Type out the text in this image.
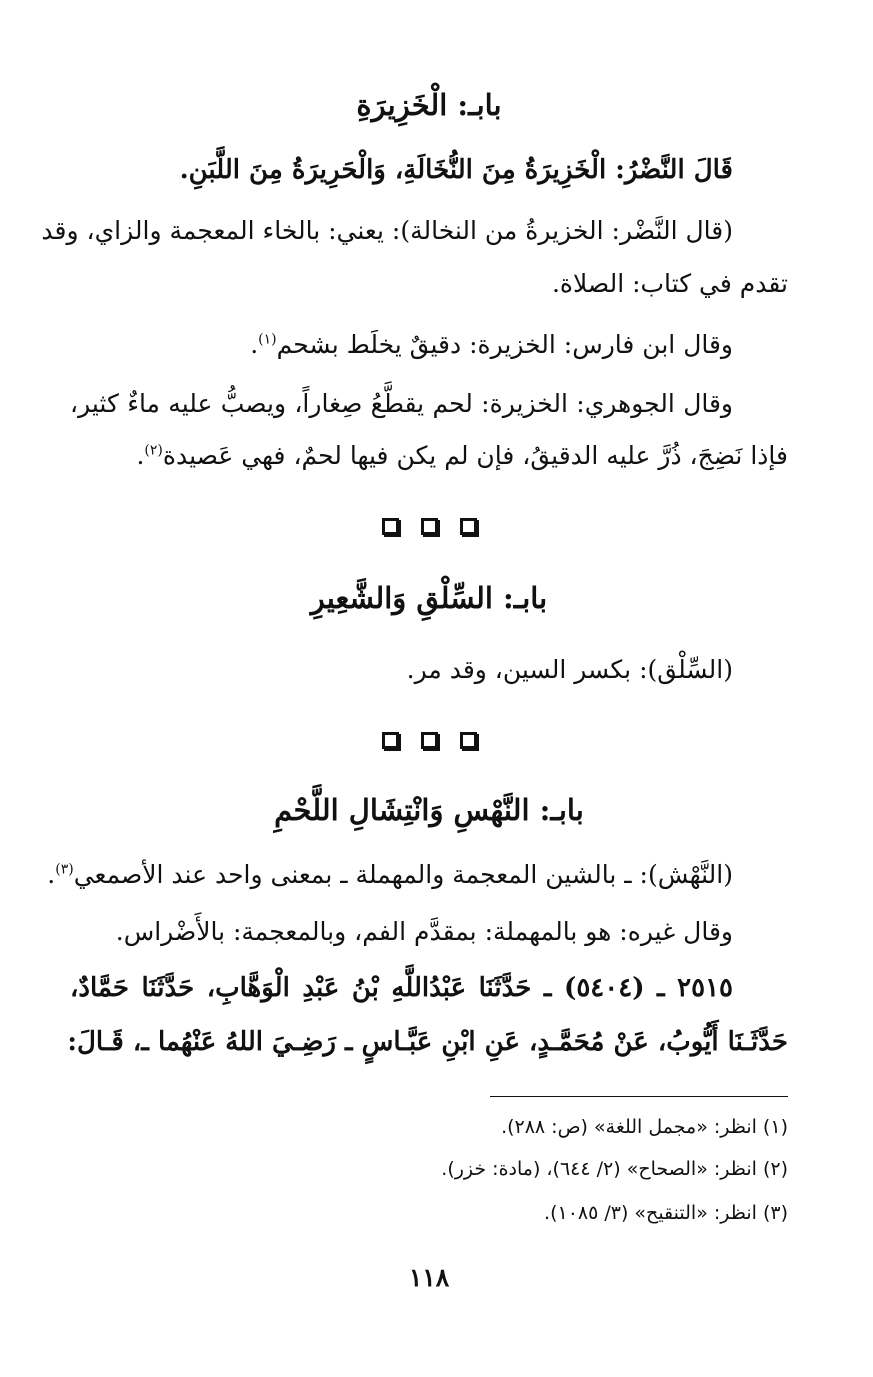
بابـ: الْخَزِيرَةِ
قَالَ النَّضْرُ: الْخَزِيرَةُ مِنَ النُّخَالَةِ، وَالْحَرِيرَةُ مِنَ اللَّبَنِ.
(قال النَّضْر: الخزيرةُ من النخالة): يعني: بالخاء المعجمة والزاي، وقد
تقدم في كتاب: الصلاة.
وقال ابن فارس: الخزيرة: دقيقٌ يخلَط بشحم$^{(١)}$.
وقال الجوهري: الخزيرة: لحم يقطَّعُ صِغاراً، ويصبُّ عليه ماءٌ كثير،
فإذا نَضِجَ، ذُرَّ عليه الدقيقُ، فإن لم يكن فيها لحمٌ، فهي عَصيدة$^{(٢)}$.
بابـ: السِّلْقِ وَالشَّعِيرِ
(السِّلْق): بكسر السين، وقد مر.
بابـ: النَّهْسِ وَانْتِشَالِ اللَّحْمِ
(النَّهْش): ـ بالشين المعجمة والمهملة ـ بمعنى واحد عند الأصمعي$^{(٣)}$.
وقال غيره: هو بالمهملة: بمقدَّم الفم، وبالمعجمة: بالأَضْراس.
٢٥١٥ ـ (٥٤٠٤) ـ حَدَّثَنَا عَبْدُاللَّهِ بْنُ عَبْدِ الْوَهَّابِ، حَدَّثَنَا حَمَّادٌ،
حَدَّثَـنَا أَيُّوبُ، عَنْ مُحَمَّـدٍ، عَنِ ابْنِ عَبَّـاسٍ ـ رَضِـيَ اللهُ عَنْهُما ـ، قَـالَ:
(١) انظر: «مجمل اللغة» (ص: ٢٨٨).
(٢) انظر: «الصحاح» (٢/ ٦٤٤)، (مادة: خزر).
(٣) انظر: «التنقيح» (٣/ ١٠٨٥).
١١٨
